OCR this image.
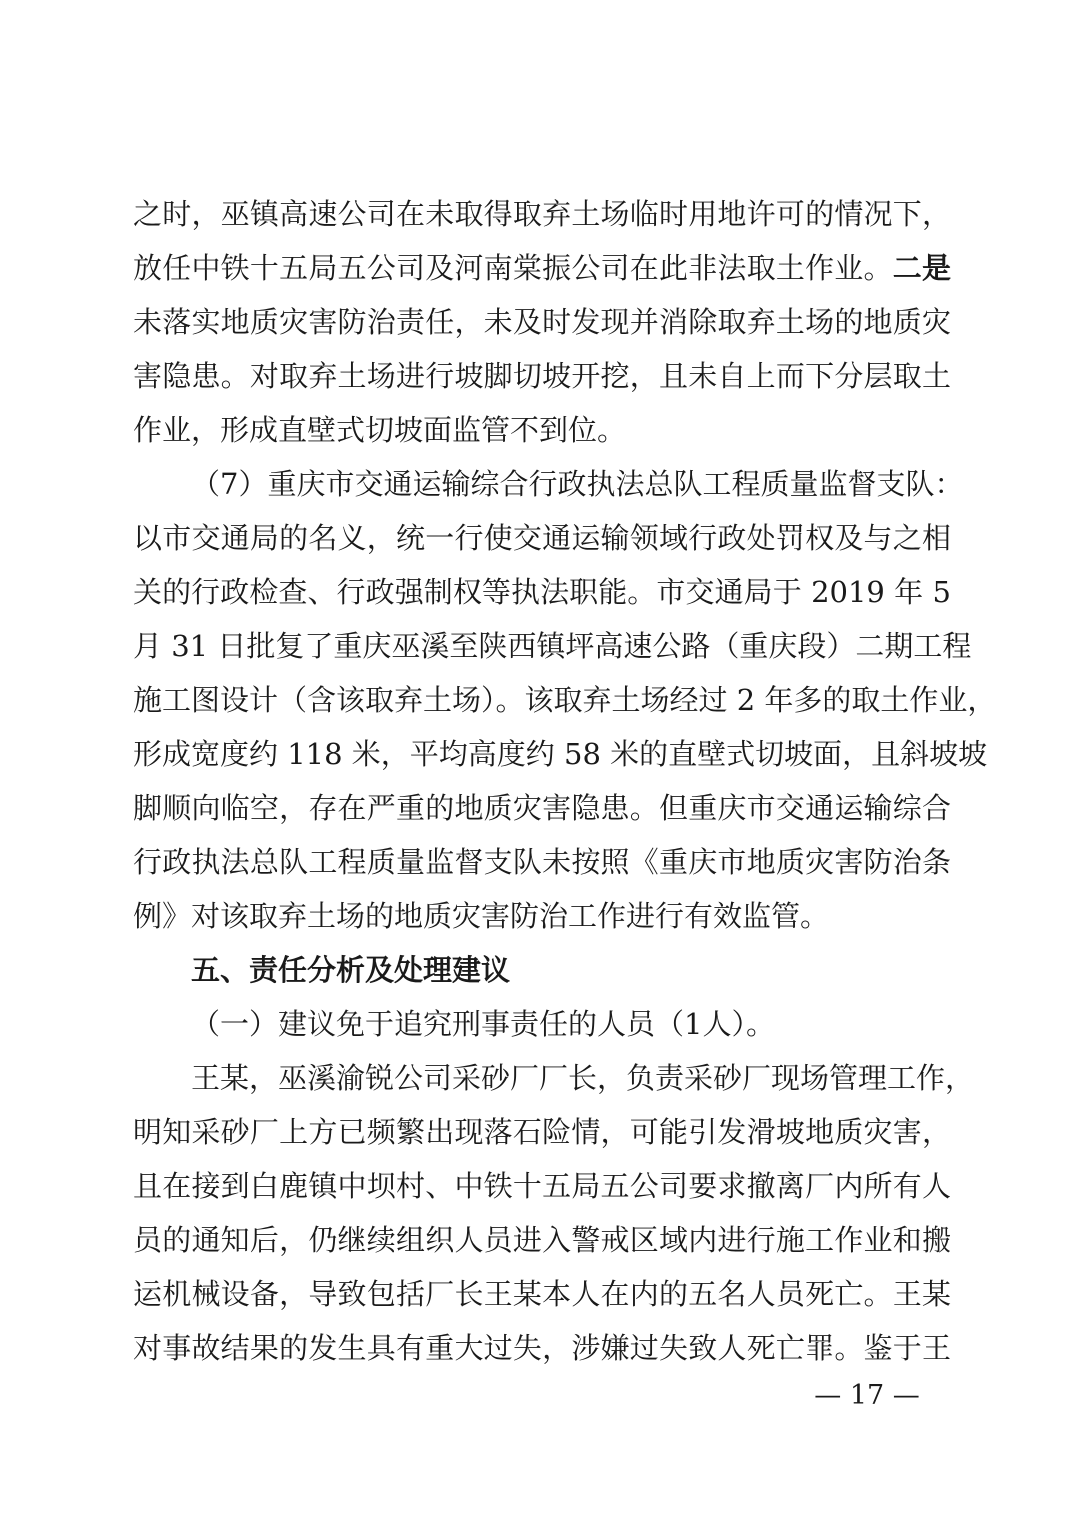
之时，巫镇高速公司在未取得取弃土场临时用地许可的情况下，
放任中铁十五局五公司及河南棠振公司在此非法取土作业。二是
未落实地质灾害防治责任，未及时发现并消除取弃土场的地质灾
害隐患。对取弃土场进行坡脚切坡开挖，且未自上而下分层取土
作业，形成直壁式切坡面监管不到位。
（7）重庆市交通运输综合行政执法总队工程质量监督支队：
以市交通局的名义，统一行使交通运输领域行政处罚权及与之相
关的行政检查、行政强制权等执法职能。市交通局于 2019 年 5
月 31 日批复了重庆巫溪至陕西镇坪高速公路（重庆段）二期工程
施工图设计（含该取弃土场）。该取弃土场经过 2 年多的取土作业，
形成宽度约 118 米，平均高度约 58 米的直壁式切坡面，且斜坡坡
脚顺向临空，存在严重的地质灾害隐患。但重庆市交通运输综合
行政执法总队工程质量监督支队未按照《重庆市地质灾害防治条
例》对该取弃土场的地质灾害防治工作进行有效监管。
五、责任分析及处理建议
（一）建议免于追究刑事责任的人员（1人）。
王某，巫溪渝锐公司采砂厂厂长，负责采砂厂现场管理工作，
明知采砂厂上方已频繁出现落石险情，可能引发滑坡地质灾害，
且在接到白鹿镇中坝村、中铁十五局五公司要求撤离厂内所有人
员的通知后，仍继续组织人员进入警戒区域内进行施工作业和搬
运机械设备，导致包括厂长王某本人在内的五名人员死亡。王某
对事故结果的发生具有重大过失，涉嫌过失致人死亡罪。鉴于王
— 17 —
